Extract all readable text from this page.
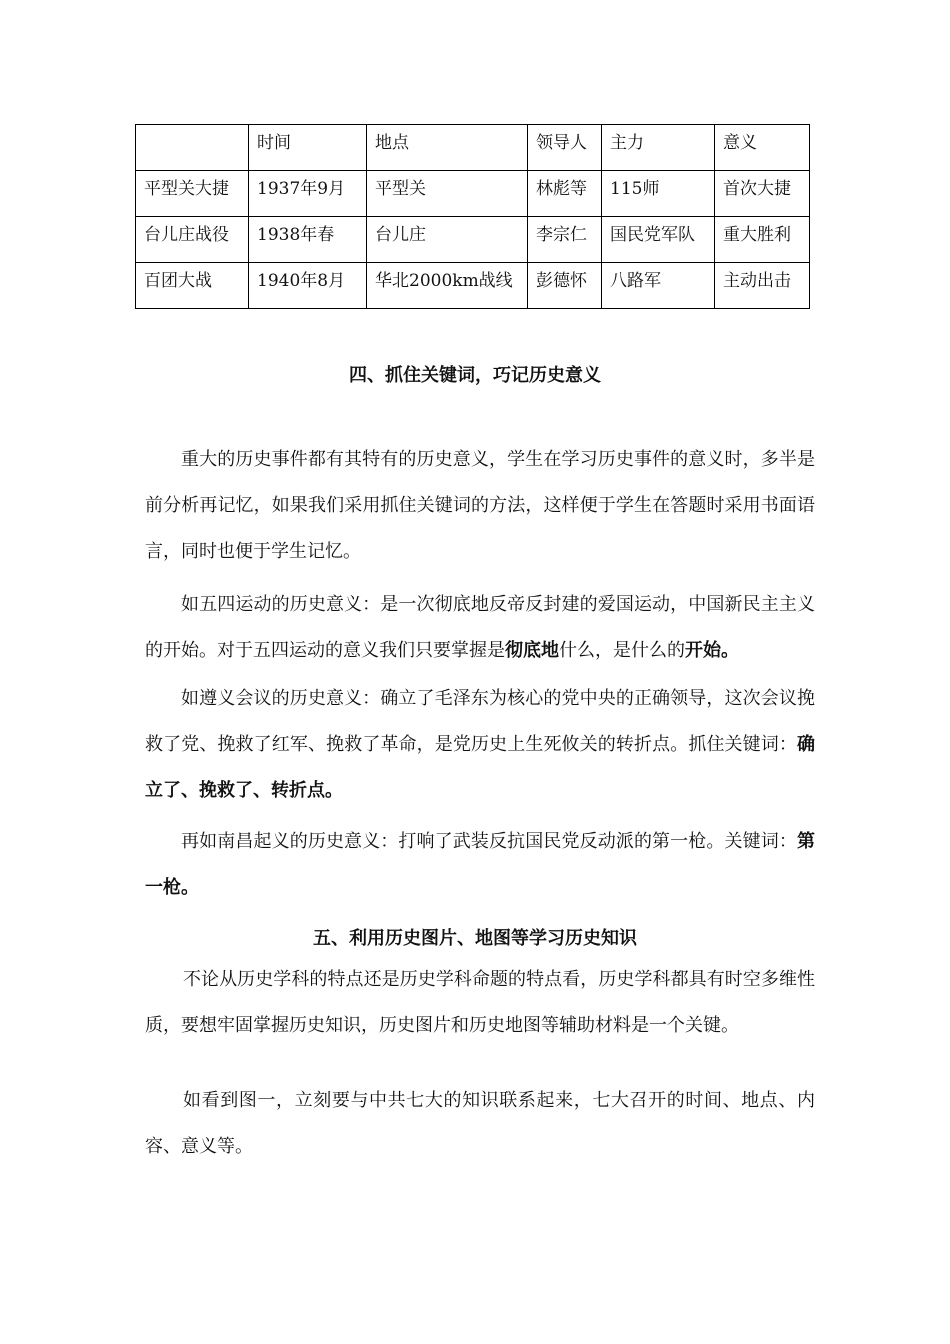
	时间	地点	领导人	主力	意义
平型关大捷	1937年9月	平型关	林彪等	115师	首次大捷
台儿庄战役	1938年春	台儿庄	李宗仁	国民党军队	重大胜利
百团大战	1940年8月	华北2000km战线	彭德怀	八路军	主动出击
四、抓住关键词，巧记历史意义
重大的历史事件都有其特有的历史意义，学生在学习历史事件的意义时，多半是前分析再记忆，如果我们采用抓住关键词的方法，这样便于学生在答题时采用书面语言，同时也便于学生记忆。
如五四运动的历史意义：是一次彻底地反帝反封建的爱国运动，中国新民主主义的开始。对于五四运动的意义我们只要掌握是彻底地什么，是什么的开始。
如遵义会议的历史意义：确立了毛泽东为核心的党中央的正确领导，这次会议挽救了党、挽救了红军、挽救了革命，是党历史上生死攸关的转折点。抓住关键词：确立了、挽救了、转折点。
再如南昌起义的历史意义：打响了武装反抗国民党反动派的第一枪。关键词：第一枪。
五、利用历史图片、地图等学习历史知识
不论从历史学科的特点还是历史学科命题的特点看，历史学科都具有时空多维性质，要想牢固掌握历史知识，历史图片和历史地图等辅助材料是一个关键。
如看到图一，立刻要与中共七大的知识联系起来，七大召开的时间、地点、内容、意义等。
